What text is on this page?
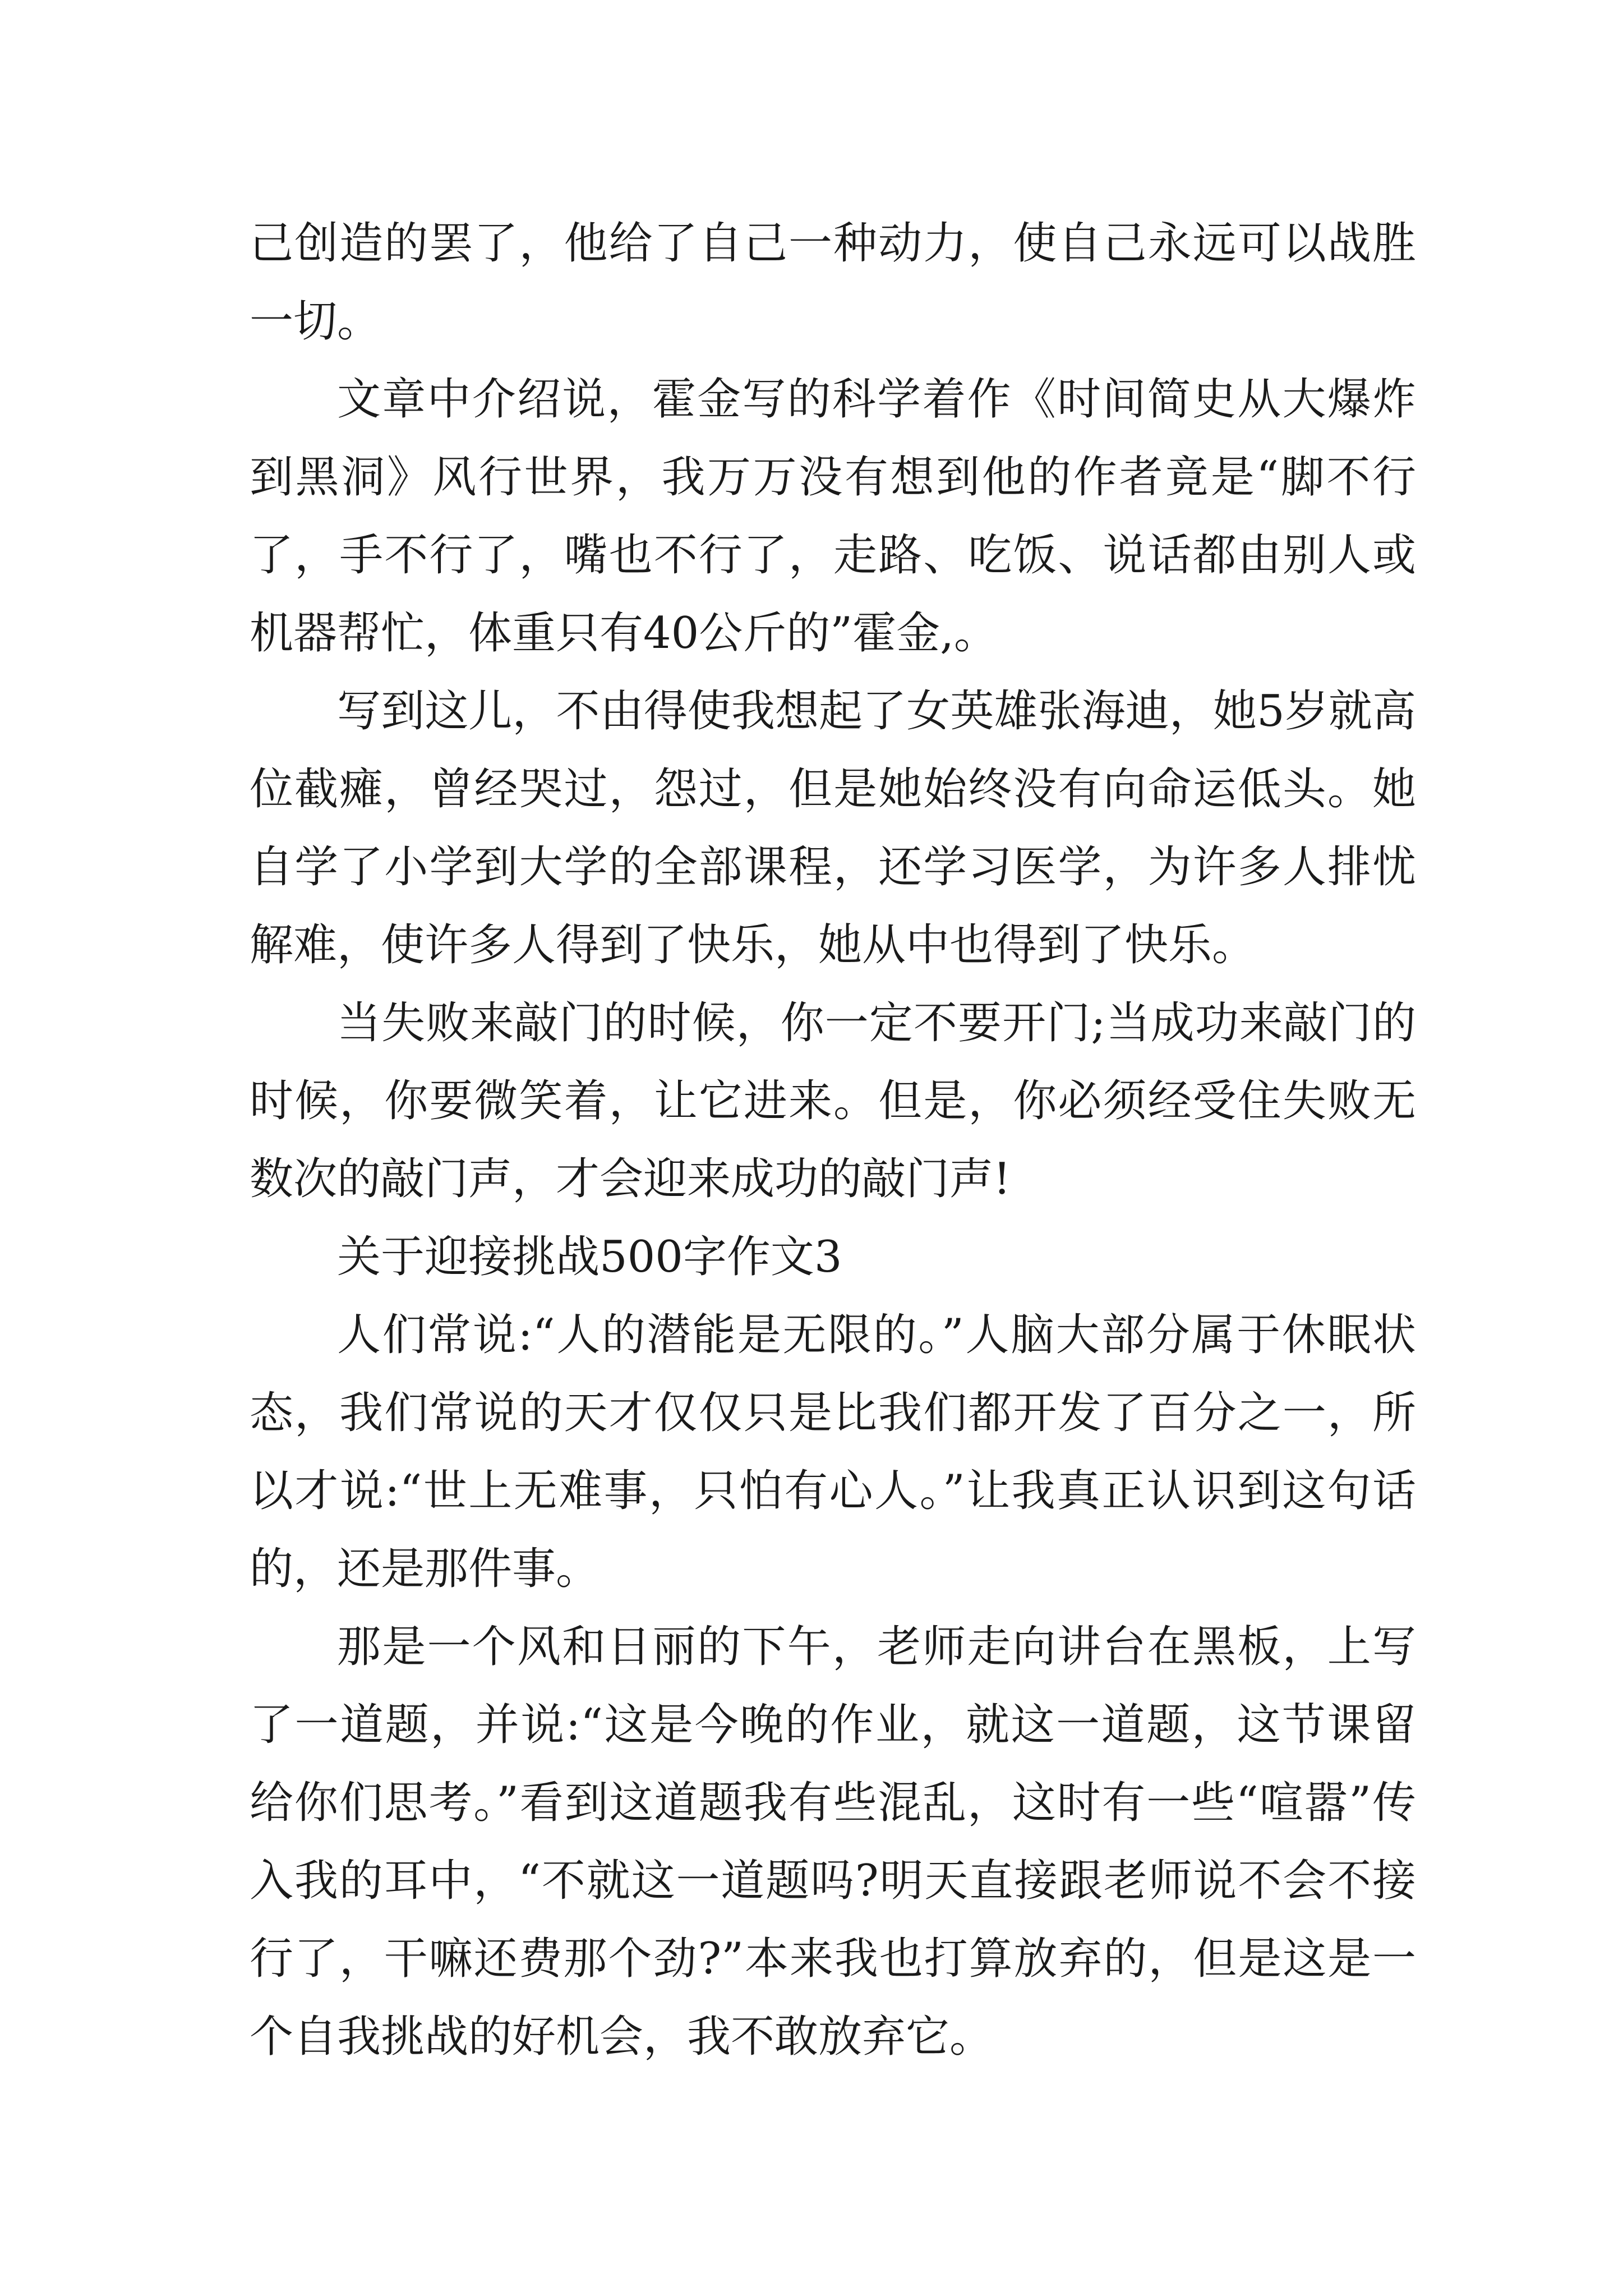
己创造的罢了，他给了自己一种动力，使自己永远可以战胜一切。

文章中介绍说，霍金写的科学着作《时间简史从大爆炸到黑洞》风行世界，我万万没有想到他的作者竟是“脚不行了，手不行了，嘴也不行了，走路、吃饭、说话都由别人或机器帮忙，体重只有40公斤的”霍金,。

写到这儿，不由得使我想起了女英雄张海迪，她5岁就高位截瘫，曾经哭过，怨过，但是她始终没有向命运低头。她自学了小学到大学的全部课程，还学习医学，为许多人排忧解难，使许多人得到了快乐，她从中也得到了快乐。

当失败来敲门的时候，你一定不要开门;当成功来敲门的时候，你要微笑着，让它进来。但是，你必须经受住失败无数次的敲门声，才会迎来成功的敲门声!

关于迎接挑战500字作文3

人们常说:“人的潜能是无限的。”人脑大部分属于休眠状态，我们常说的天才仅仅只是比我们都开发了百分之一，所以才说:“世上无难事，只怕有心人。”让我真正认识到这句话的，还是那件事。

那是一个风和日丽的下午，老师走向讲台在黑板，上写了一道题，并说:“这是今晚的作业，就这一道题，这节课留给你们思考。”看到这道题我有些混乱，这时有一些“喧嚣”传入我的耳中，“不就这一道题吗?明天直接跟老师说不会不接行了，干嘛还费那个劲?”本来我也打算放弃的，但是这是一个自我挑战的好机会，我不敢放弃它。
